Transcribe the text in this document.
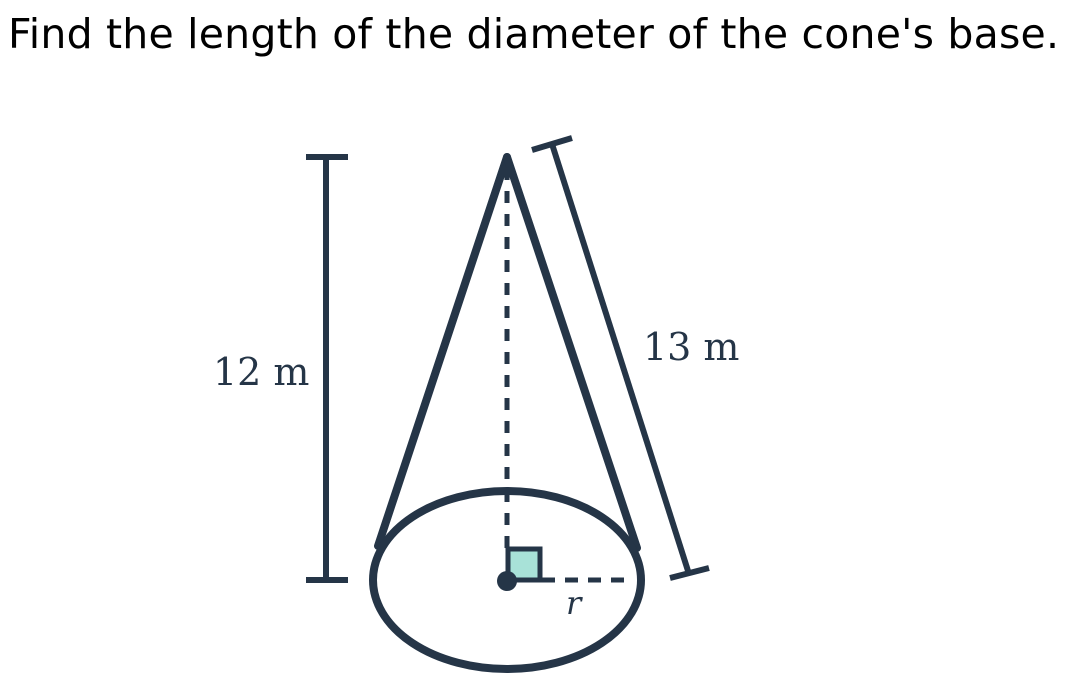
Find the length of the diameter of the cone's base.
12 m
13 m
r
